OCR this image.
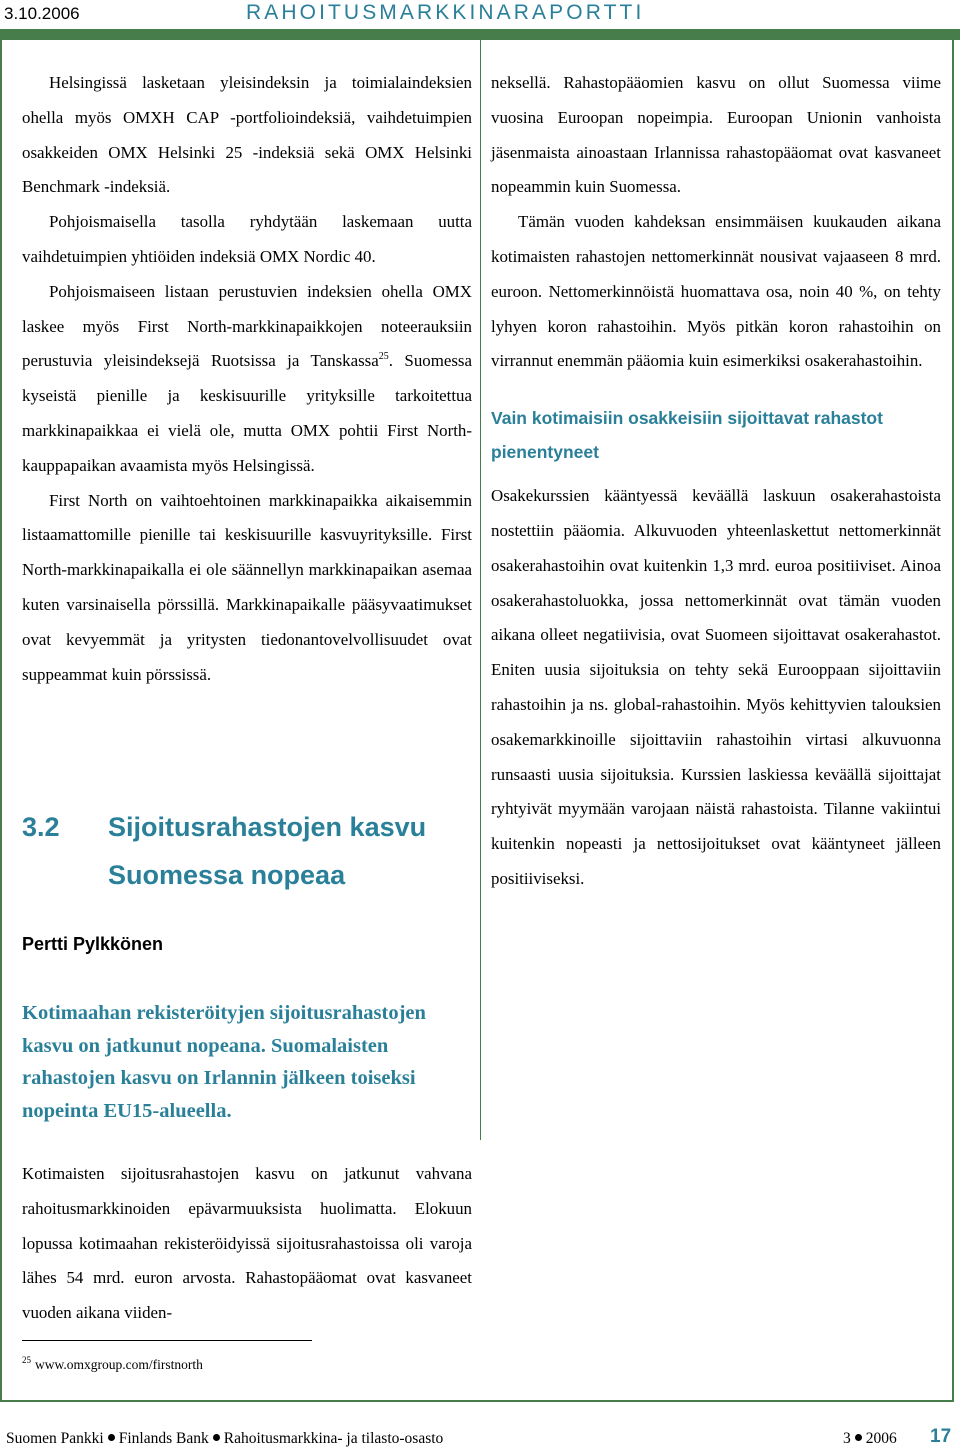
3.10.2006	RAHOITUSMARKKINARAPORTTI

Helsingissä lasketaan yleisindeksin ja toimialaindeksien ohella myös OMXH CAP -portfolioindeksiä, vaihdetuimpien osakkeiden OMX Helsinki 25 -indeksiä sekä OMX Helsinki Benchmark -indeksiä.

Pohjoismaisella tasolla ryhdytään laskemaan uutta vaihdetuimpien yhtiöiden indeksiä OMX Nordic 40.

Pohjoismaiseen listaan perustuvien indeksien ohella OMX laskee myös First North-markkinapaikkojen noteerauksiin perustuvia yleisindeksejä Ruotsissa ja Tanskassa$^{25}$. Suomessa kyseistä pienille ja keskisuurille yrityksille tarkoitettua markkinapaikkaa ei vielä ole, mutta OMX pohtii First North-kauppapaikan avaamista myös Helsingissä.

First North on vaihtoehtoinen markkinapaikka aikaisemmin listaamattomille pienille tai keskisuurille kasvuyrityksille. First North-markkinapaikalla ei ole säännellyn markkinapaikan asemaa kuten varsinaisella pörssillä. Markkinapaikalle pääsyvaatimukset ovat kevyemmät ja yritysten tiedonantovelvollisuudet ovat suppeammat kuin pörssissä.

3.2 Sijoitusrahastojen kasvu Suomessa nopeaa
Pertti Pylkkönen

Kotimaahan rekisteröityjen sijoitusrahastojen kasvu on jatkunut nopeana. Suomalaisten rahastojen kasvu on Irlannin jälkeen toiseksi nopeinta EU15-alueella.

Kotimaisten sijoitusrahastojen kasvu on jatkunut vahvana rahoitusmarkkinoiden epävarmuuksista huolimatta. Elokuun lopussa kotimaahan rekisteröidyissä sijoitusrahastoissa oli varoja lähes 54 mrd. euron arvosta. Rahastopääomat ovat kasvaneet vuoden aikana viiden-

neksellä. Rahastopääomien kasvu on ollut Suomessa viime vuosina Euroopan nopeimpia. Euroopan Unionin vanhoista jäsenmaista ainoastaan Irlannissa rahastopääomat ovat kasvaneet nopeammin kuin Suomessa.

Tämän vuoden kahdeksan ensimmäisen kuukauden aikana kotimaisten rahastojen nettomerkinnät nousivat vajaaseen 8 mrd. euroon. Nettomerkinnöistä huomattava osa, noin 40 %, on tehty lyhyen koron rahastoihin. Myös pitkän koron rahastoihin on virrannut enemmän pääomia kuin esimerkiksi osakerahastoihin.

Vain kotimaisiin osakkeisiin sijoittavat rahastot pienentyneet

Osakekurssien kääntyessä keväällä laskuun osakerahastoista nostettiin pääomia. Alkuvuoden yhteenlaskettut nettomerkinnät osakerahastoihin ovat kuitenkin 1,3 mrd. euroa positiiviset. Ainoa osakerahastoluokka, jossa nettomerkinnät ovat tämän vuoden aikana olleet negatiivisia, ovat Suomeen sijoittavat osakerahastot. Eniten uusia sijoituksia on tehty sekä Eurooppaan sijoittaviin rahastoihin ja ns. global-rahastoihin. Myös kehittyvien talouksien osakemarkkinoille sijoittaviin rahastoihin virtasi alkuvuonna runsaasti uusia sijoituksia. Kurssien laskiessa keväällä sijoittajat ryhtyivät myymään varojaan näistä rahastoista. Tilanne vakiintui kuitenkin nopeasti ja nettosijoitukset ovat kääntyneet jälleen positiiviseksi.

$^{25}$ www.omxgroup.com/firstnorth
Suomen Pankki Finlands Bank Rahoitusmarkkina- ja tilasto-osasto	3 2006 17
